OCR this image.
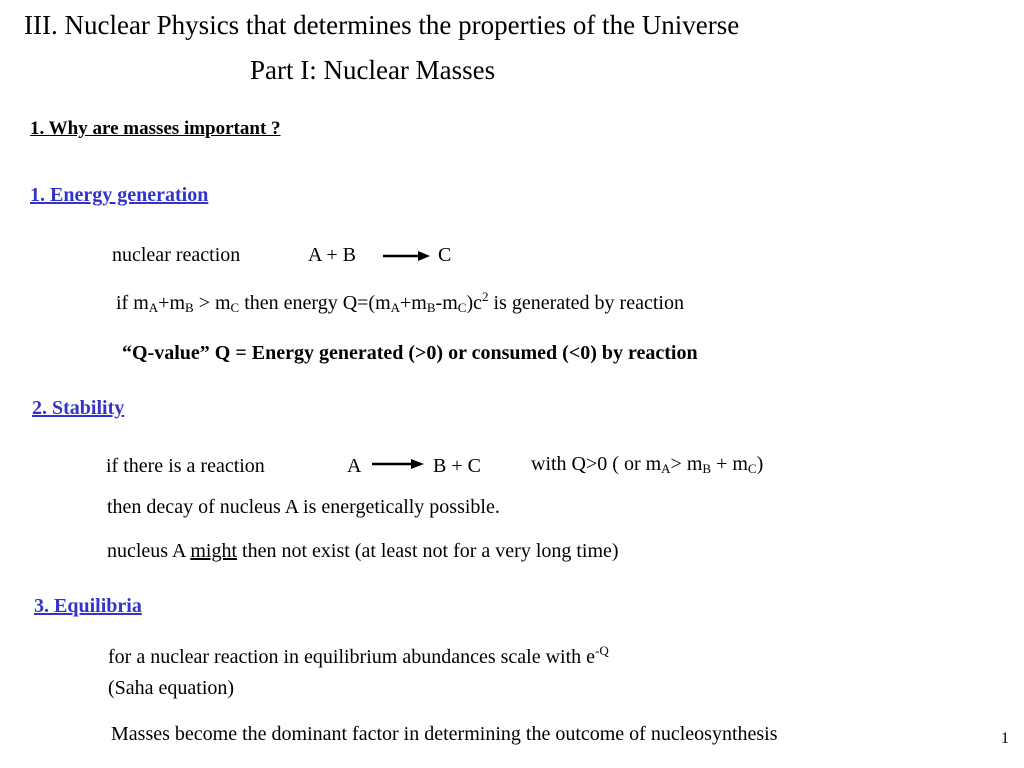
III. Nuclear Physics that determines the properties of the Universe
Part I: Nuclear Masses
1. Why are masses important ?
1. Energy generation
nuclear reaction	A + B → C
if $m_A+m_B > m_C$ then energy $Q=(m_A+m_B-m_C)c^2$ is generated by reaction
“Q-value” Q = Energy generated (>0) or consumed (<0) by reaction
2. Stability
if there is a reaction	A	B + C	with Q>0 ( or $m_A> m_B + m_C$)
then decay of nucleus A is energetically possible.
nucleus A might then not exist (at least not for a very long time)
3. Equilibria
for a nuclear reaction in equilibrium abundances scale with $e^{-Q}$
(Saha equation)
Masses become the dominant factor in determining the outcome of nucleosynthesis	1
